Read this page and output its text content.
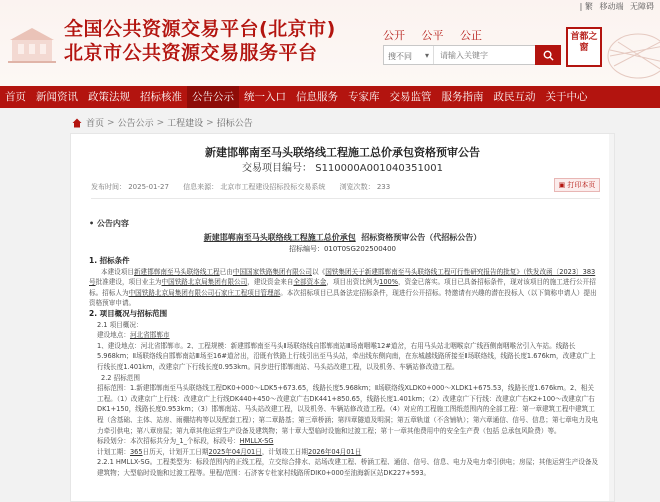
| 繁 移动端 无障碍
全国公共资源交易平台(北京市)
北京市公共资源交易服务平台
公开 公平 公正
搜不同 ▾
请输入关键字
首都之窗
首页 新闻资讯 政策法规 招标核准 公告公示 统一入口 信息服务 专家库 交易监管 服务指南 政民互动 关于中心
首页 > 公告公示 > 工程建设 > 招标公告
新建邯郸南至马头联络线工程施工总价承包资格预审公告
交易项目编号： S110000A001040351001
发布时间： 2025-01-27 信息来源： 北京市工程建设招标投标交易系统 浏览次数： 233	▣ 打印本页
• 公告内容
新建邯郸南至马头联络线工程施工总价承包 招标资格预审公告（代招标公告）
招标编号：010T0SG202500400
1. 招标条件
本建设项目新建邯郸南至马头联络线工程已由中国国家铁路集团有限公司以《国铁集团关于新建邯郸南至马头联络线工程可行性研究报告的批复》（铁发改函〔2023〕383号批准建设，项目业主为中国铁路北京局集团有限公司，建设资金来自全部资本金，项目出资比例为100%，资金已落实。项目已具备招标条件，现对该项目的施工进行公开招标。招标人为中国铁路北京局集团有限公司石家庄工程项目管理部。本次招标项目已具备法定招标条件，现进行公开招标。特邀请有兴趣的潜在投标人（以下简称申请人）提出资格预审申请。
2. 项目概况与招标范围
2.1 项目概况：
建设地点：河北省邯郸市
1、建设地点：河北省邯郸市。2、工程规模：新建邯郸南至马头Ⅱ场联络线自邯郸南站Ⅲ场南咽喉12#道岔，右用马头站北咽喉京广线西侧南咽喉岔引入车站。线路长5.968km；Ⅱ场联络线自邯郸南站Ⅲ场至16#道岔出，沿既有铁路上行线引出至马头站，牵出线东侧向南，在东城越线路所接至Ⅱ场联络线，线路长度1.676km，改建京广上行线长度1.401km，改建京广下行线长度0.953km。同步进行邯郸南站、马头站改建工程，以及机务、车辆站修改造工程。
2.2 招标范围
招标范围：1.新建邯郸南至马头联络线工程DK0+000～LDK5+673.65，线路长度5.968km；Ⅱ场联络线XLDK0+000～XLDK1+675.53，线路长度1.676km。2、相关工程。（1）改建京广上行线：改建京广上行线DK440+450～改建京广右DK441+850.65，线路长度1.401km；（2）改建京广下行线：改建京广右K2+100～改建京广右DK1+150，线路长度0.953km；（3）邯郸南站、马头站改建工程，以及机务、车辆站修改造工程。（4）对应的工程施工图纸范围内的全部工程：第一章建筑工程中建筑工程（含基础、主体、站房、雨棚结构等以及配套工程）；第二章路基；第三章桥涵；第四章隧道及明洞；第五章轨道（不含铺轨）；第六章通信、信号、信息；第七章电力及电力牵引供电；第八章房屋；第九章其他运营生产设备及建筑物；第十章大型临时设施和过渡工程；第十一章其他费用中的安全生产费（包括 总承包风险费）等。
标段划分：本次招标共分为_1_个标段，标段号：HMLLX-SG
计划工期：365日历天，计划开工日期2025年04月01日，计划竣工日期2026年04月01日
2.2.1 HMLLX-SG。工程类型为：标段范围内的正线工程，立交综合排水、站场改建工程、桥涵工程、通信、信号、信息、电力及电力牵引供电；房屋；其他运营生产设备及建筑物；大型临时设施和过渡工程等。里程/范围：石济客专杜家村线路所DIK0+000至油海新区站DK227+593。
